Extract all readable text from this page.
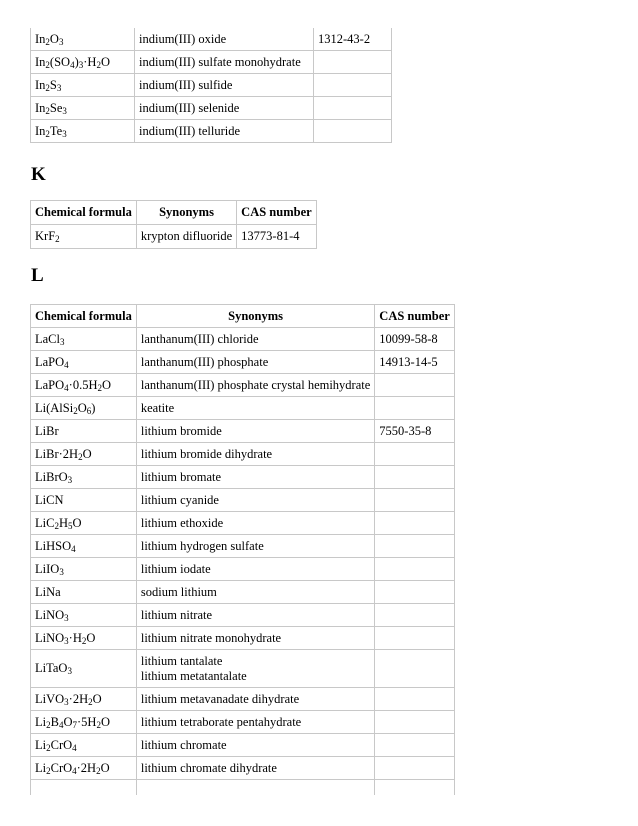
$In_2O_3$	indium(III) oxide	1312-43-2
$In_2(SO_4)_3\cdot H_2O$	indium(III) sulfate monohydrate	
$In_2S_3$	indium(III) sulfide	
$In_2Se_3$	indium(III) selenide	
$In_2Te_3$	indium(III) telluride	
K
Chemical formula	Synonyms	CAS number
KrF$_2$	krypton difluoride	13773-81-4
L
Chemical formula	Synonyms	CAS number
LaCl$_3$	lanthanum(III) chloride	10099-58-8
LaPO$_4$	lanthanum(III) phosphate	14913-14-5
$LaPO_4\cdot 0.5H_2O$	lanthanum(III) phosphate crystal hemihydrate	
$Li(AlSi_2O_6)$	keatite	
LiBr	lithium bromide	7550-35-8
$LiBr\cdot 2H_2O$	lithium bromide dihydrate	
LiBrO$_3$	lithium bromate	
LiCN	lithium cyanide	
$LiC_2H_5O$	lithium ethoxide	
LiHSO$_4$	lithium hydrogen sulfate	
LiIO$_3$	lithium iodate	
LiNa	sodium lithium	
LiNO$_3$	lithium nitrate	
$LiNO_3\cdot H_2O$	lithium nitrate monohydrate	
LiTaO$_3$	lithium tantalate
lithium metatantalate	

$LiVO_3\cdot 2H_2O$	lithium metavanadate dihydrate	
$Li_2B_4O_7\cdot 5H_2O$	lithium tetraborate pentahydrate	
$Li_2CrO_4$	lithium chromate	
$Li_2CrO_4\cdot 2H_2O$	lithium chromate dihydrate	
